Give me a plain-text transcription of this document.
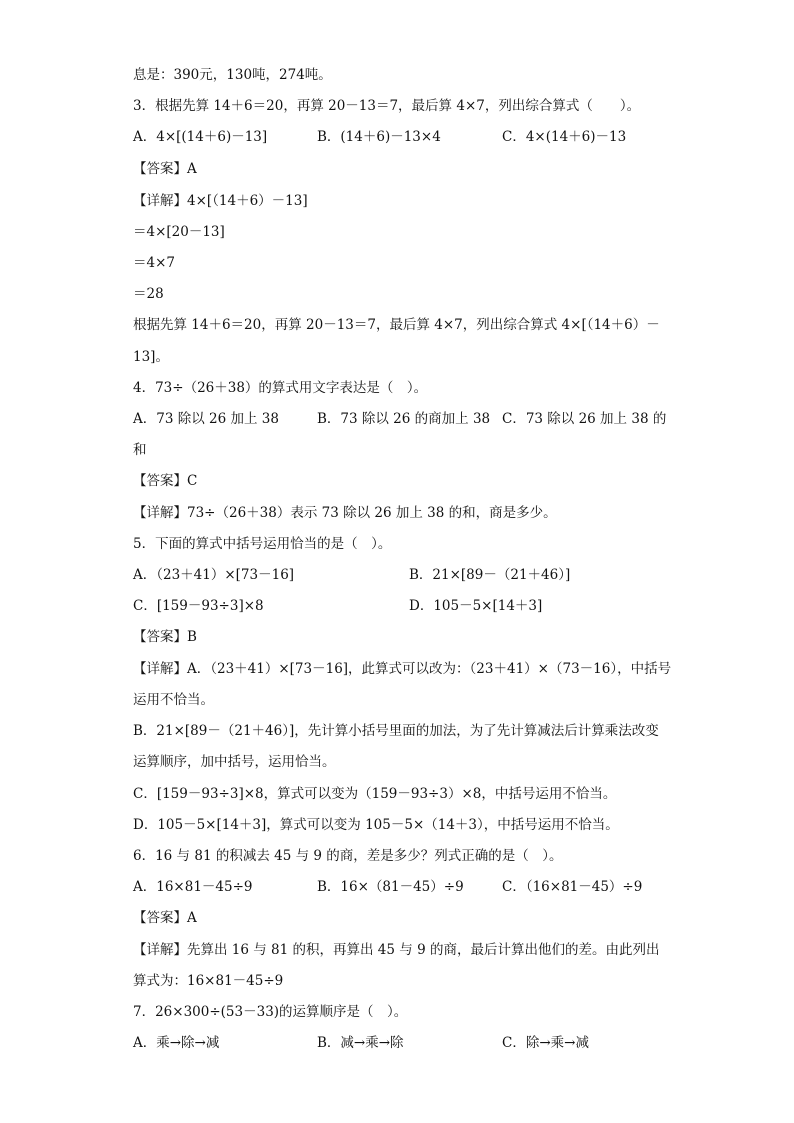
息是：390元，130吨，274吨。
3．根据先算 14＋6＝20，再算 20－13＝7，最后算 4×7，列出综合算式（　　）。
A．4×[(14＋6)－13]	B．(14＋6)－13×4	C．4×(14＋6)－13
【答案】A
【详解】4×[（14＋6）－13]
＝4×[20－13]
＝4×7
＝28
根据先算 14＋6＝20，再算 20－13＝7，最后算 4×7，列出综合算式 4×[（14＋6）－
13]。
4．73÷（26＋38）的算式用文字表达是（　）。
A．73 除以 26 加上 38	B．73 除以 26 的商加上 38 C．73 除以 26 加上 38 的
和
【答案】C
【详解】73÷（26＋38）表示 73 除以 26 加上 38 的和，商是多少。
5．下面的算式中括号运用恰当的是（　）。
A．（23＋41）×[73－16]	B．21×[89－（21＋46）]
C．[159－93÷3]×8	D．105－5×[14＋3]
【答案】B
【详解】A．（23＋41）×[73－16]，此算式可以改为：（23＋41）×（73－16），中括号
运用不恰当。
B．21×[89－（21＋46）]，先计算小括号里面的加法，为了先计算减法后计算乘法改变
运算顺序，加中括号，运用恰当。
C．[159－93÷3]×8，算式可以变为（159－93÷3）×8，中括号运用不恰当。
D．105－5×[14＋3]，算式可以变为 105－5×（14＋3），中括号运用不恰当。
6．16 与 81 的积减去 45 与 9 的商，差是多少？列式正确的是（　）。
A．16×81－45÷9	B．16×（81－45）÷9	C．（16×81－45）÷9
【答案】A
【详解】先算出 16 与 81 的积，再算出 45 与 9 的商，最后计算出他们的差。由此列出
算式为：16×81－45÷9
7．26×300÷(53－33)的运算顺序是（　）。
A．乘→除→减	B．减→乘→除	C．除→乘→减
